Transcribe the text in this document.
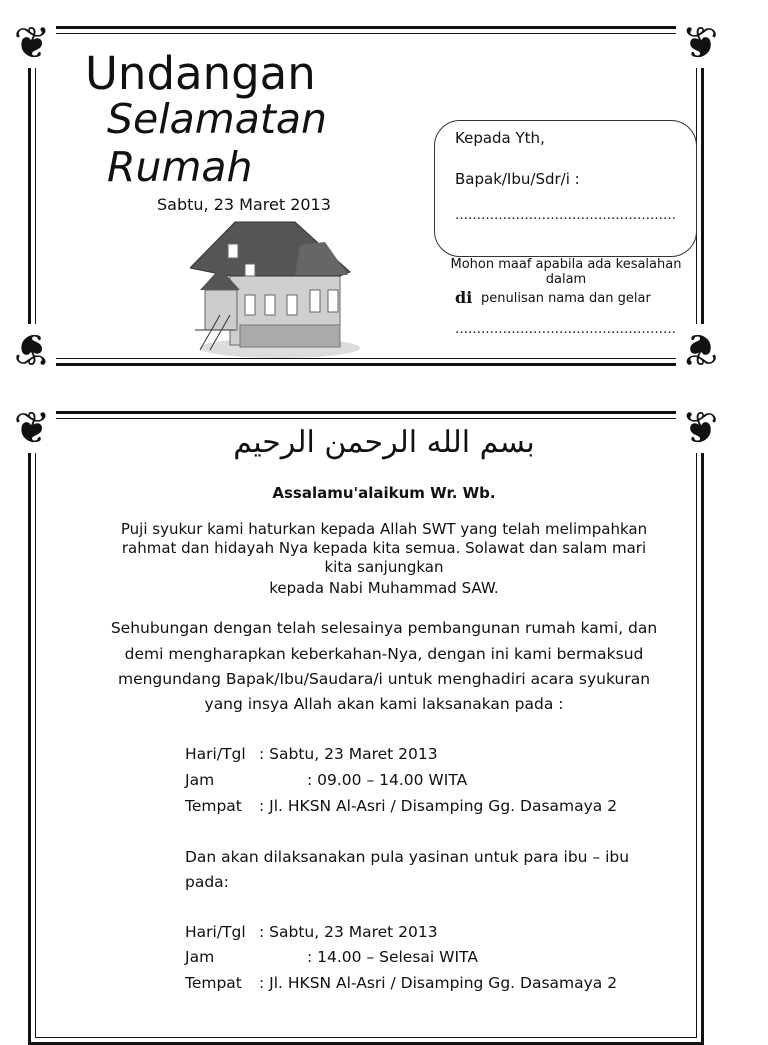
❦	❦
❦	❦
Undangan
Selamatan
Rumah
Sabtu, 23 Maret 2013
Kepada Yth,
Bapak/Ibu/Sdr/i :
……………………………………………
Mohon maaf apabila ada kesalahan
dalam
di penulisan nama dan gelar
……………………………………………
❦	❦
بسم الله الرحمن الرحيم
Assalamu'alaikum Wr. Wb.
Puji syukur kami haturkan kepada Allah SWT yang telah melimpahkan
rahmat dan hidayah Nya kepada kita semua. Solawat dan salam mari
kita sanjungkan
kepada Nabi Muhammad SAW.
Sehubungan dengan telah selesainya pembangunan rumah kami, dan
demi mengharapkan keberkahan-Nya, dengan ini kami bermaksud
mengundang Bapak/Ibu/Saudara/i untuk menghadiri acara syukuran
yang insya Allah akan kami laksanakan pada :
Hari/Tgl : Sabtu, 23 Maret 2013
Jam	: 09.00 – 14.00 WITA
Tempat : Jl. HKSN Al-Asri / Disamping Gg. Dasamaya 2
Dan akan dilaksanakan pula yasinan untuk para ibu – ibu
pada:
Hari/Tgl : Sabtu, 23 Maret 2013
Jam	: 14.00 – Selesai WITA
Tempat : Jl. HKSN Al-Asri / Disamping Gg. Dasamaya 2
